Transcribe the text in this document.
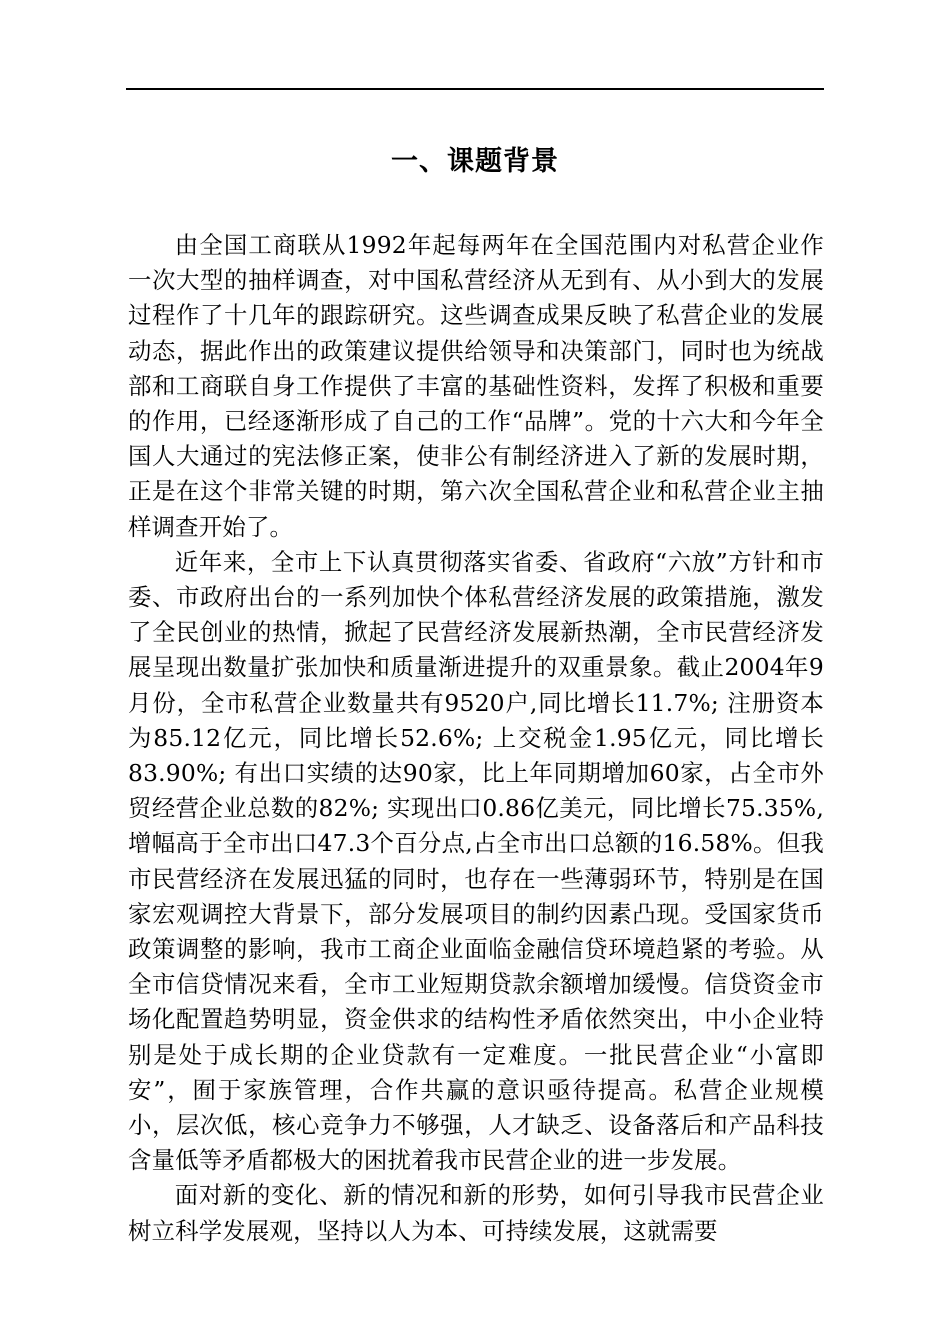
一、课题背景

由全国工商联从1992年起每两年在全国范围内对私营企业作一次大型的抽样调查，对中国私营经济从无到有、从小到大的发展过程作了十几年的跟踪研究。这些调查成果反映了私营企业的发展动态，据此作出的政策建议提供给领导和决策部门，同时也为统战部和工商联自身工作提供了丰富的基础性资料，发挥了积极和重要的作用，已经逐渐形成了自己的工作“品牌”。党的十六大和今年全国人大通过的宪法修正案，使非公有制经济进入了新的发展时期，正是在这个非常关键的时期，第六次全国私营企业和私营企业主抽样调查开始了。

近年来，全市上下认真贯彻落实省委、省政府“六放”方针和市委、市政府出台的一系列加快个体私营经济发展的政策措施，激发了全民创业的热情，掀起了民营经济发展新热潮，全市民营经济发展呈现出数量扩张加快和质量渐进提升的双重景象。截止2004年9月份，全市私营企业数量共有9520户,同比增长11.7%; 注册资本为85.12亿元，同比增长52.6%; 上交税金1.95亿元，同比增长83.90%; 有出口实绩的达90家，比上年同期增加60家，占全市外贸经营企业总数的82%; 实现出口0.86亿美元，同比增长75.35%,增幅高于全市出口47.3个百分点,占全市出口总额的16.58%。但我市民营经济在发展迅猛的同时，也存在一些薄弱环节，特别是在国家宏观调控大背景下，部分发展项目的制约因素凸现。受国家货币政策调整的影响，我市工商企业面临金融信贷环境趋紧的考验。从全市信贷情况来看，全市工业短期贷款余额增加缓慢。信贷资金市场化配置趋势明显，资金供求的结构性矛盾依然突出，中小企业特别是处于成长期的企业贷款有一定难度。一批民营企业“小富即安”，囿于家族管理，合作共赢的意识亟待提高。私营企业规模小，层次低，核心竞争力不够强，人才缺乏、设备落后和产品科技含量低等矛盾都极大的困扰着我市民营企业的进一步发展。

面对新的变化、新的情况和新的形势，如何引导我市民营企业树立科学发展观，坚持以人为本、可持续发展，这就需要
